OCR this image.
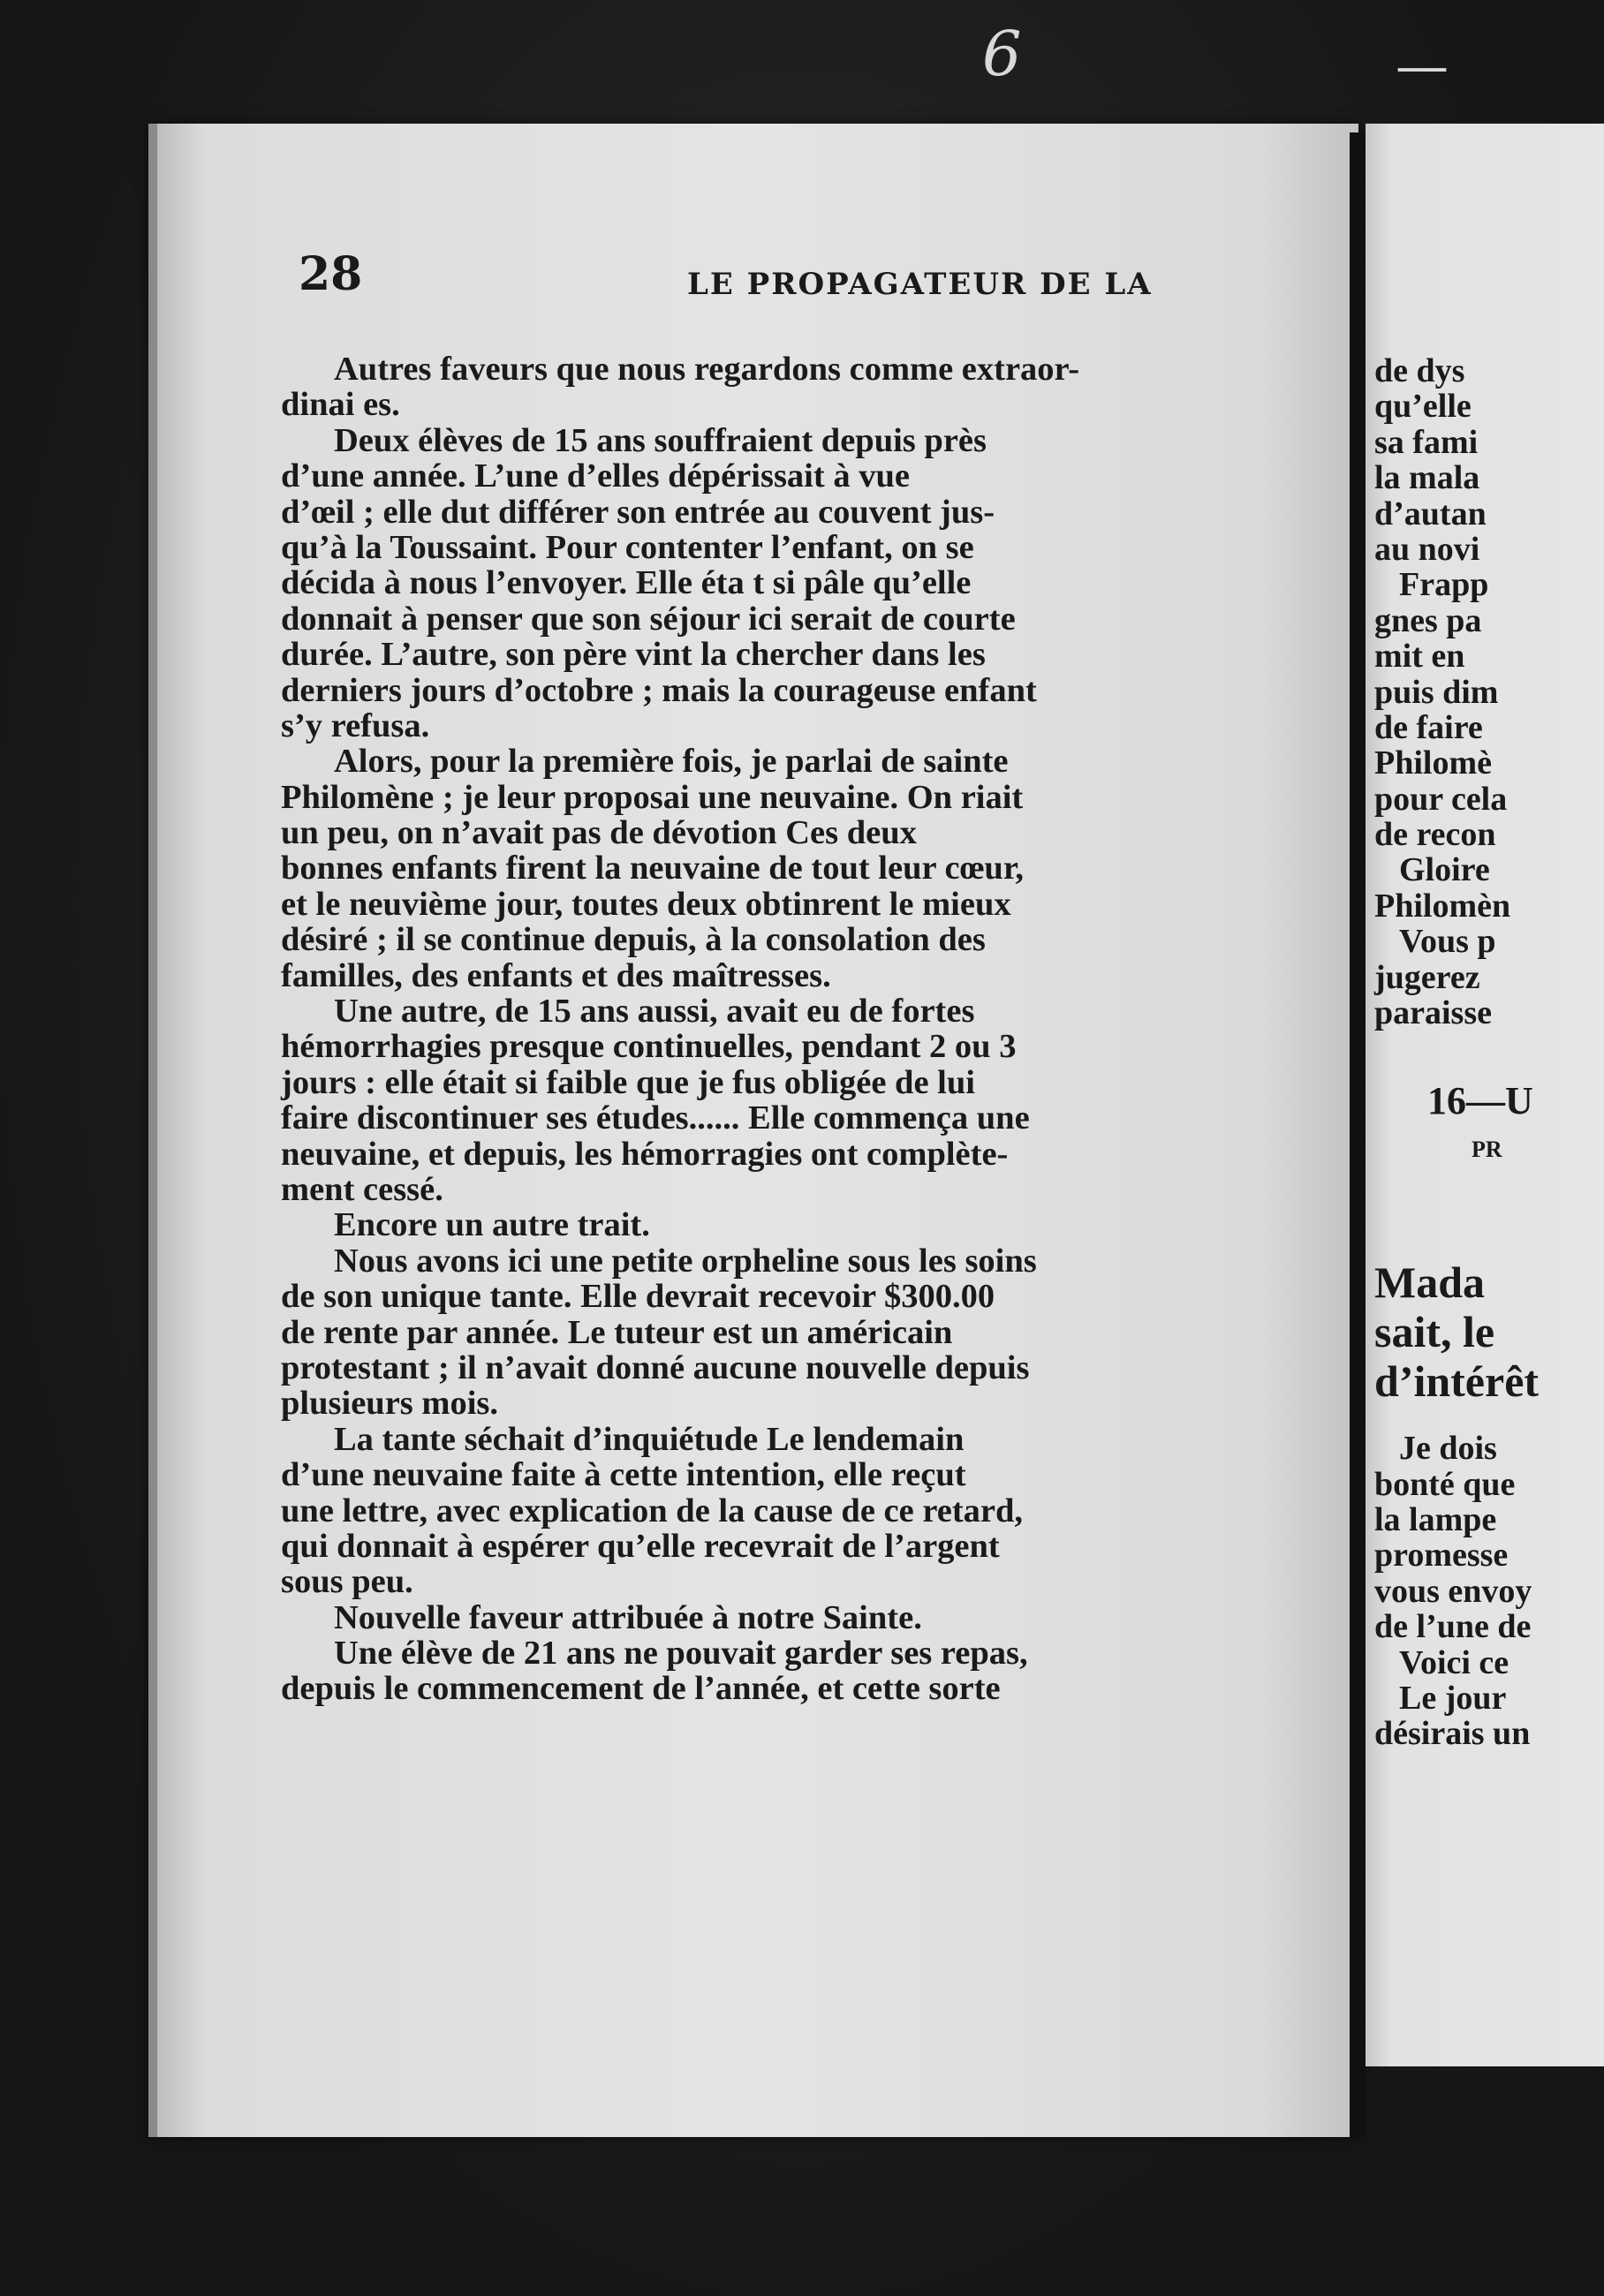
6	—
28	LE PROPAGATEUR DE LA
Autres faveurs que nous regardons comme extraor-
dinai es.
Deux élèves de 15 ans souffraient depuis près
d’une année. L’une d’elles dépérissait à vue
d’œil ; elle dut différer son entrée au couvent jus-
qu’à la Toussaint. Pour contenter l’enfant, on se
décida à nous l’envoyer. Elle éta t si pâle qu’elle
donnait à penser que son séjour ici serait de courte
durée. L’autre, son père vint la chercher dans les
derniers jours d’octobre ; mais la courageuse enfant
s’y refusa.
Alors, pour la première fois, je parlai de sainte
Philomène ; je leur proposai une neuvaine. On riait
un peu, on n’avait pas de dévotion Ces deux
bonnes enfants firent la neuvaine de tout leur cœur,
et le neuvième jour, toutes deux obtinrent le mieux
désiré ; il se continue depuis, à la consolation des
familles, des enfants et des maîtresses.
Une autre, de 15 ans aussi, avait eu de fortes
hémorrhagies presque continuelles, pendant 2 ou 3
jours : elle était si faible que je fus obligée de lui
faire discontinuer ses études...... Elle commença une
neuvaine, et depuis, les hémorragies ont complète-
ment cessé.
Encore un autre trait.
Nous avons ici une petite orpheline sous les soins
de son unique tante. Elle devrait recevoir $300.00
de rente par année. Le tuteur est un américain
protestant ; il n’avait donné aucune nouvelle depuis
plusieurs mois.
La tante séchait d’inquiétude Le lendemain
d’une neuvaine faite à cette intention, elle reçut
une lettre, avec explication de la cause de ce retard,
qui donnait à espérer qu’elle recevrait de l’argent
sous peu.
Nouvelle faveur attribuée à notre Sainte.
Une élève de 21 ans ne pouvait garder ses repas,
depuis le commencement de l’année, et cette sorte
de dys
qu’elle
sa fami
la mala
d’autan
au novi
Frapp
gnes pa
mit en
puis dim
de faire
Philomè
pour cela
de recon
Gloire
Philomèn
Vous p
jugerez
paraisse
16—U
PR
Mada
sait, le
d’intérêt
Je dois
bonté que
la lampe
promesse
vous envoy
de l’une de
Voici ce
Le jour
désirais un
